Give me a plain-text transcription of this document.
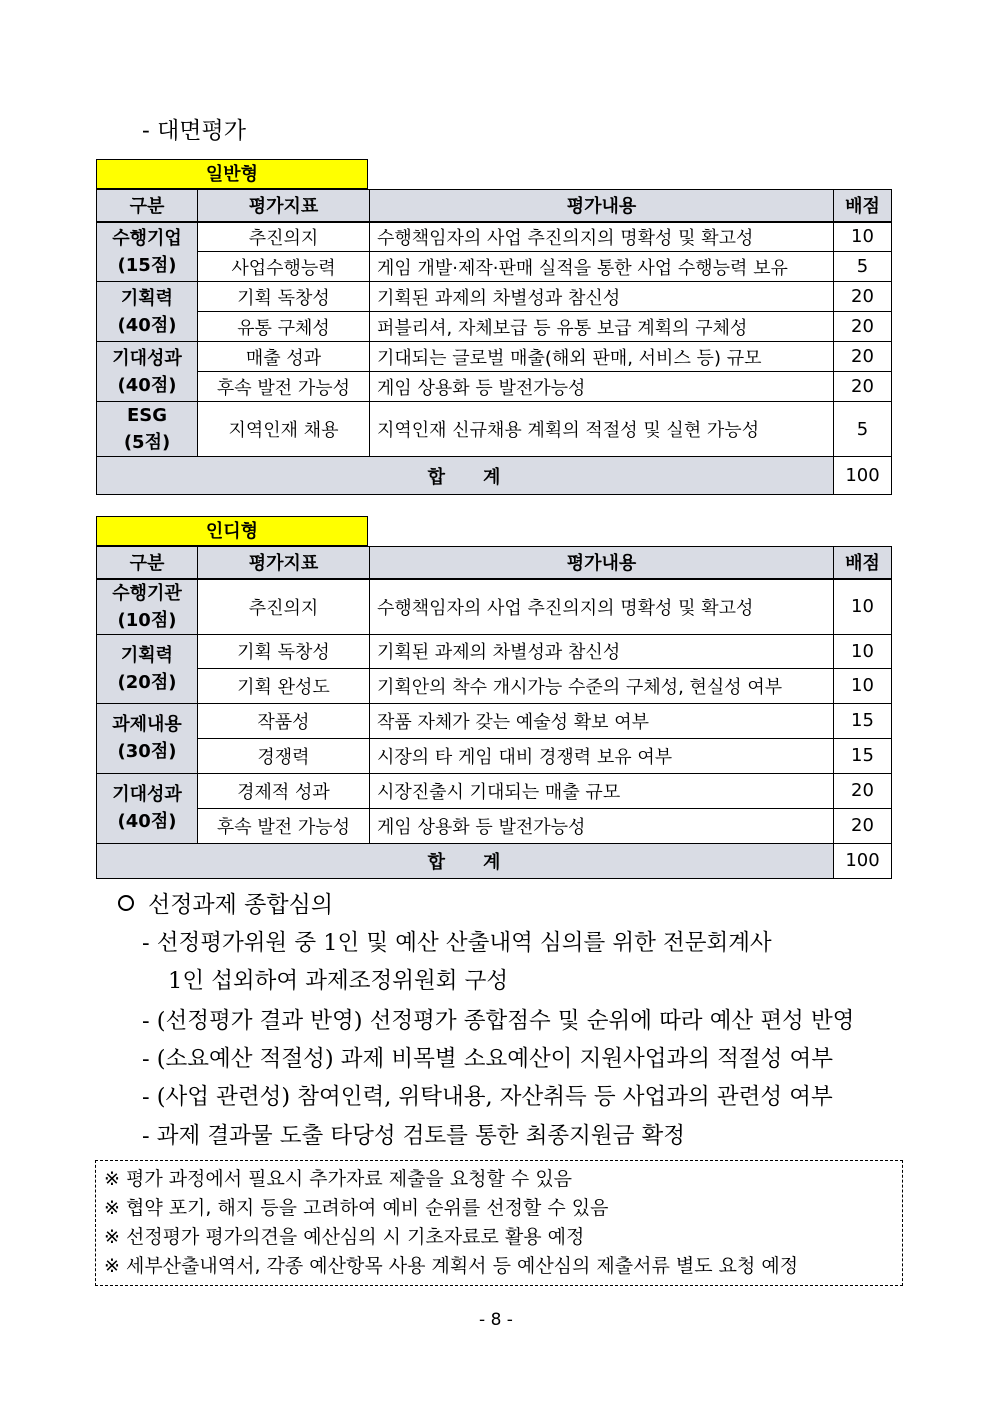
- 대면평가
일반형
구분	평가지표	평가내용	배점
수행기업
(15점)	추진의지	수행책임자의 사업 추진의지의 명확성 및 확고성	10
	사업수행능력	게임 개발·제작·판매 실적을 통한 사업 수행능력 보유	5
기획력
(40점)	기획 독창성	기획된 과제의 차별성과 참신성	20
	유통 구체성	퍼블리셔, 자체보급 등 유통 보급 계획의 구체성	20
기대성과
(40점)	매출 성과	기대되는 글로벌 매출(해외 판매, 서비스 등) 규모	20
	후속 발전 가능성	게임 상용화 등 발전가능성	20
ESG
(5점)	지역인재 채용	지역인재 신규채용 계획의 적절성 및 실현 가능성	5
합 계			100
인디형
구분	평가지표	평가내용	배점
수행기관
(10점)	추진의지	수행책임자의 사업 추진의지의 명확성 및 확고성	10
기획력
(20점)	기획 독창성	기획된 과제의 차별성과 참신성	10
	기획 완성도	기획안의 착수 개시가능 수준의 구체성, 현실성 여부	10
과제내용
(30점)	작품성	작품 자체가 갖는 예술성 확보 여부	15
	경쟁력	시장의 타 게임 대비 경쟁력 보유 여부	15
기대성과
(40점)	경제적 성과	시장진출시 기대되는 매출 규모	20
	후속 발전 가능성	게임 상용화 등 발전가능성	20
합 계			100
선정과제 종합심의
- 선정평가위원 중 1인 및 예산 산출내역 심의를 위한 전문회계사
1인 섭외하여 과제조정위원회 구성
- (선정평가 결과 반영) 선정평가 종합점수 및 순위에 따라 예산 편성 반영
- (소요예산 적절성) 과제 비목별 소요예산이 지원사업과의 적절성 여부
- (사업 관련성) 참여인력, 위탁내용, 자산취득 등 사업과의 관련성 여부
- 과제 결과물 도출 타당성 검토를 통한 최종지원금 확정
※ 평가 과정에서 필요시 추가자료 제출을 요청할 수 있음
※ 협약 포기, 해지 등을 고려하여 예비 순위를 선정할 수 있음
※ 선정평가 평가의견을 예산심의 시 기초자료로 활용 예정
※ 세부산출내역서, 각종 예산항목 사용 계획서 등 예산심의 제출서류 별도 요청 예정
- 8 -
